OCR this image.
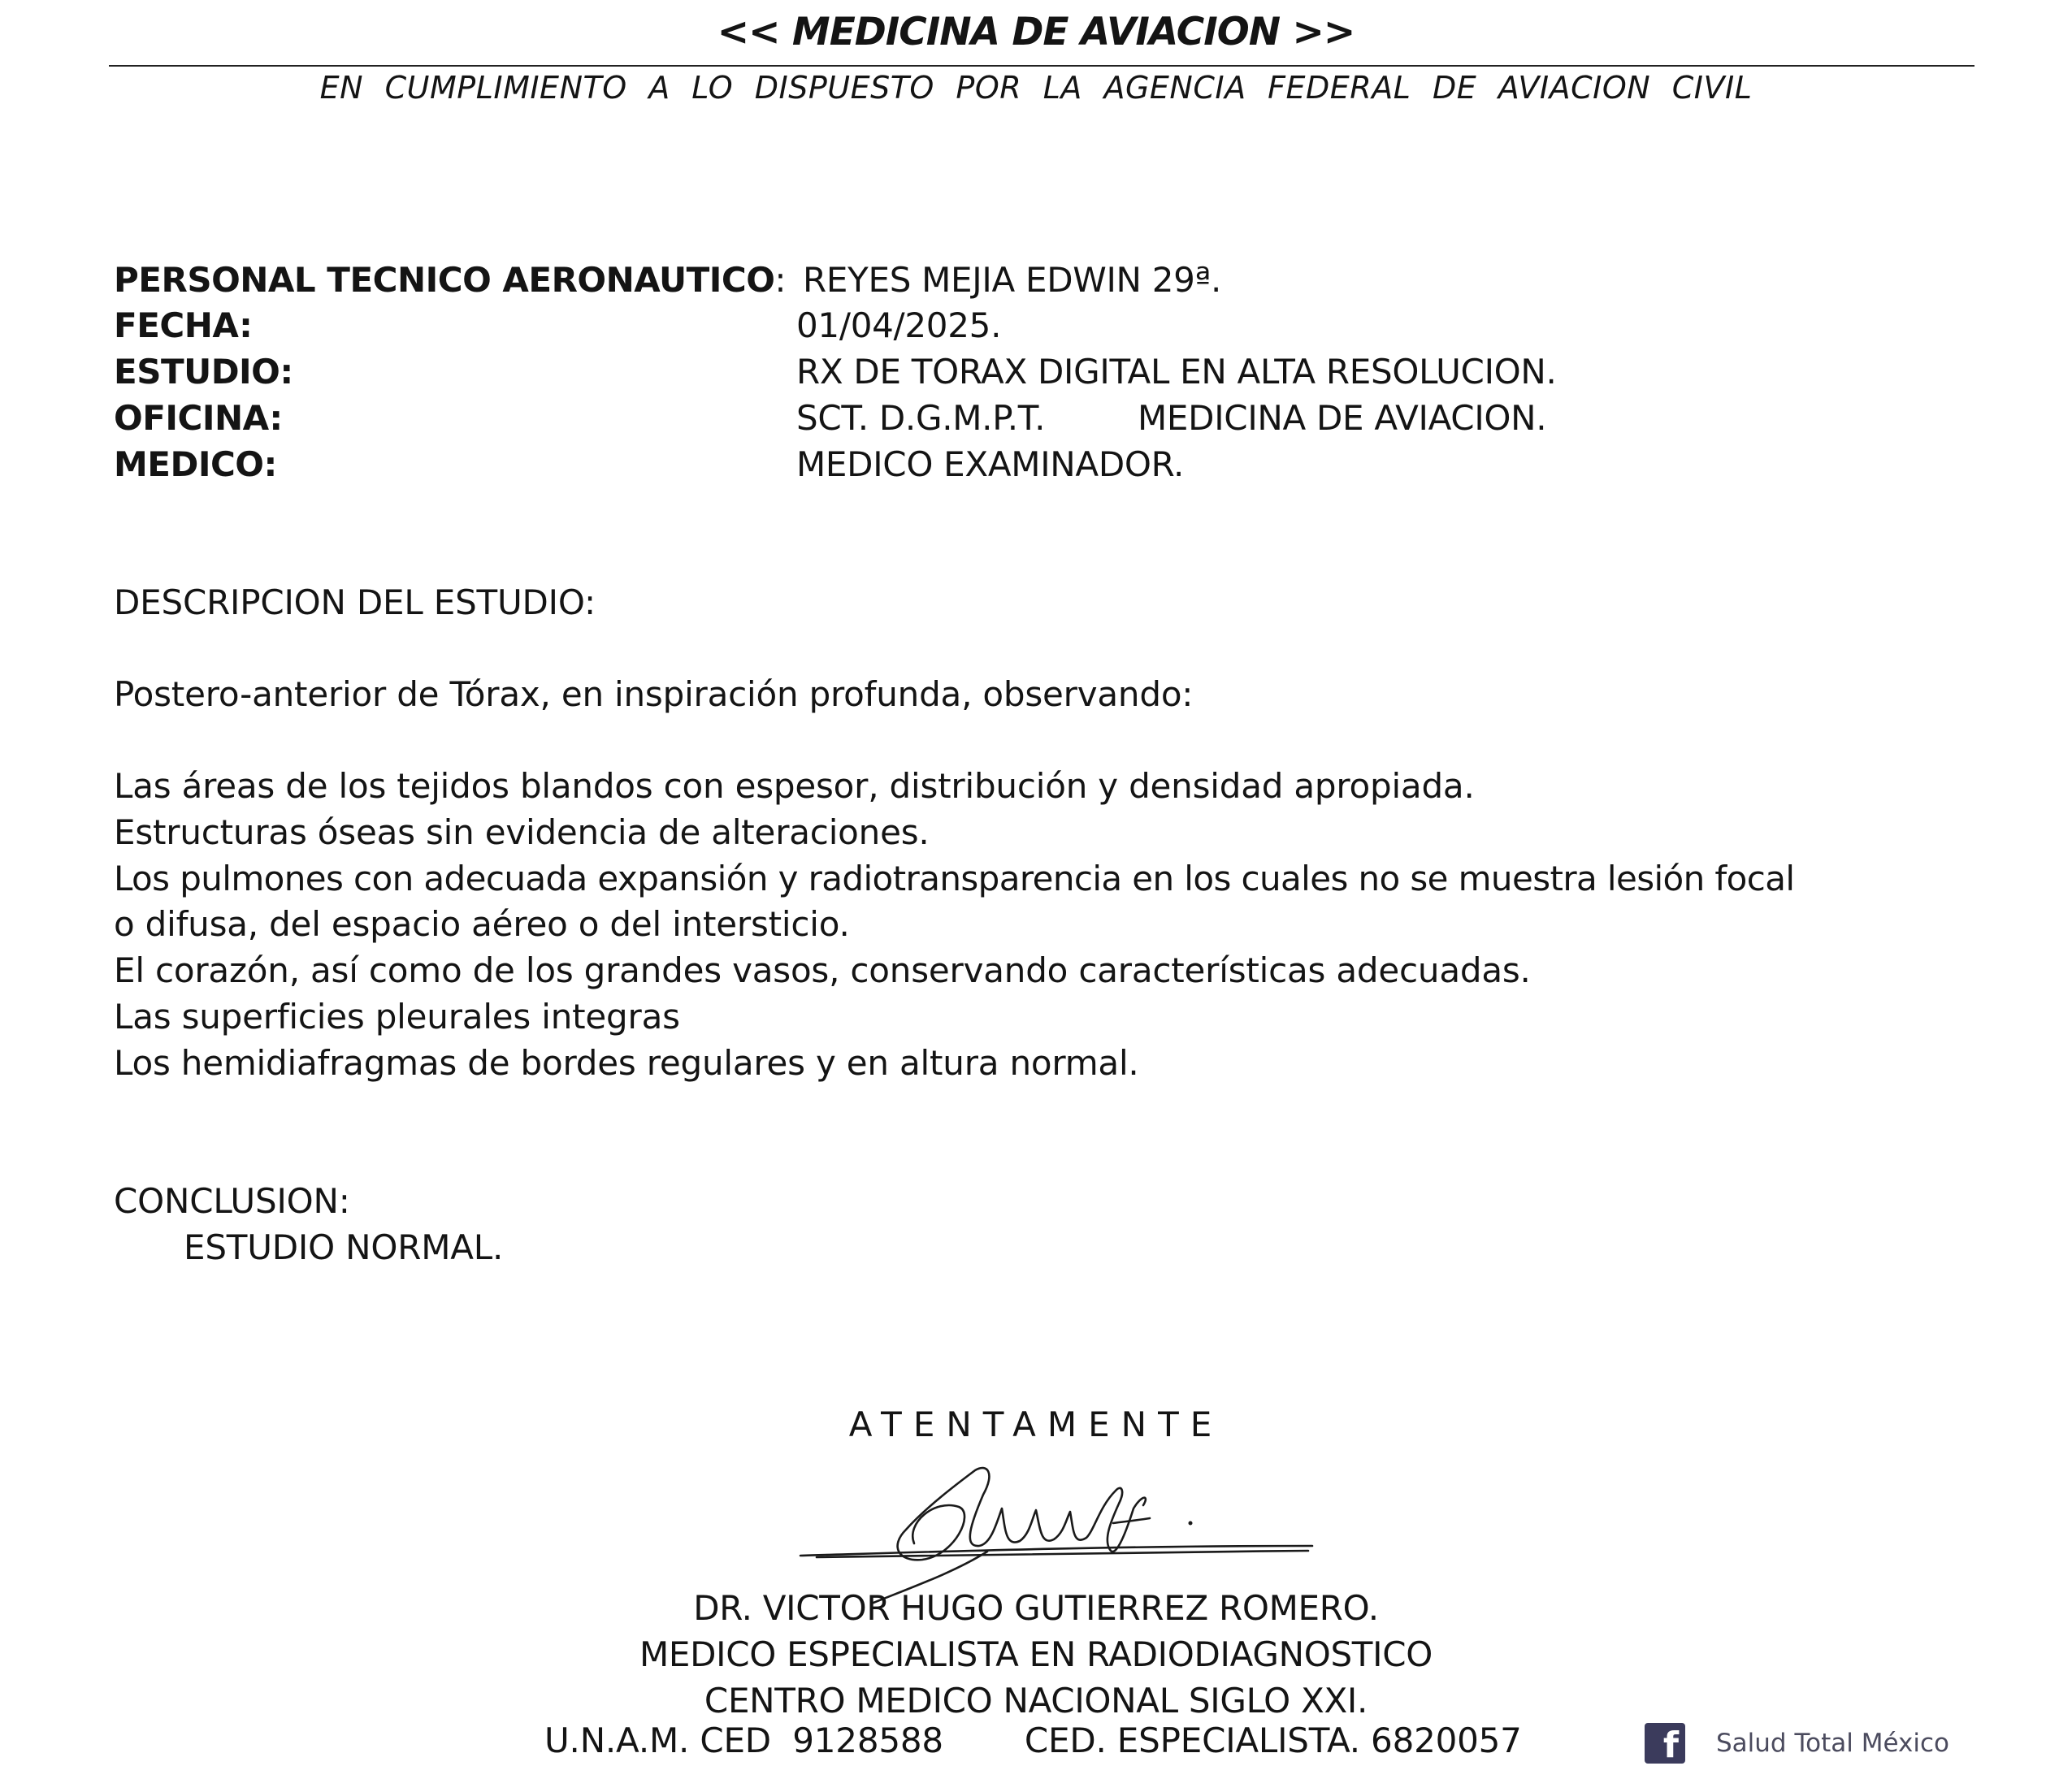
<< MEDICINA DE AVIACION >>
EN CUMPLIMIENTO A LO DISPUESTO POR LA AGENCIA FEDERAL DE AVIACION CIVIL
PERSONAL TECNICO AERONAUTICO: REYES MEJIA EDWIN 29ª.
FECHA:	01/04/2025.
ESTUDIO:	RX DE TORAX DIGITAL EN ALTA RESOLUCION.
OFICINA:	SCT. D.G.M.P.T.	MEDICINA DE AVIACION.
MEDICO:	MEDICO EXAMINADOR.
DESCRIPCION DEL ESTUDIO:
Postero-anterior de Tórax, en inspiración profunda, observando:
Las áreas de los tejidos blandos con espesor, distribución y densidad apropiada.
Estructuras óseas sin evidencia de alteraciones.
Los pulmones con adecuada expansión y radiotransparencia en los cuales no se muestra lesión focal
o difusa, del espacio aéreo o del intersticio.
El corazón, así como de los grandes vasos, conservando características adecuadas.
Las superficies pleurales integras
Los hemidiafragmas de bordes regulares y en altura normal.
CONCLUSION:
ESTUDIO NORMAL.
ATENTAMENTE
DR. VICTOR HUGO GUTIERREZ ROMERO.
MEDICO ESPECIALISTA EN RADIODIAGNOSTICO
CENTRO MEDICO NACIONAL SIGLO XXI.
U.N.A.M. CED  9128588 CED. ESPECIALISTA. 6820057	f Salud Total México
